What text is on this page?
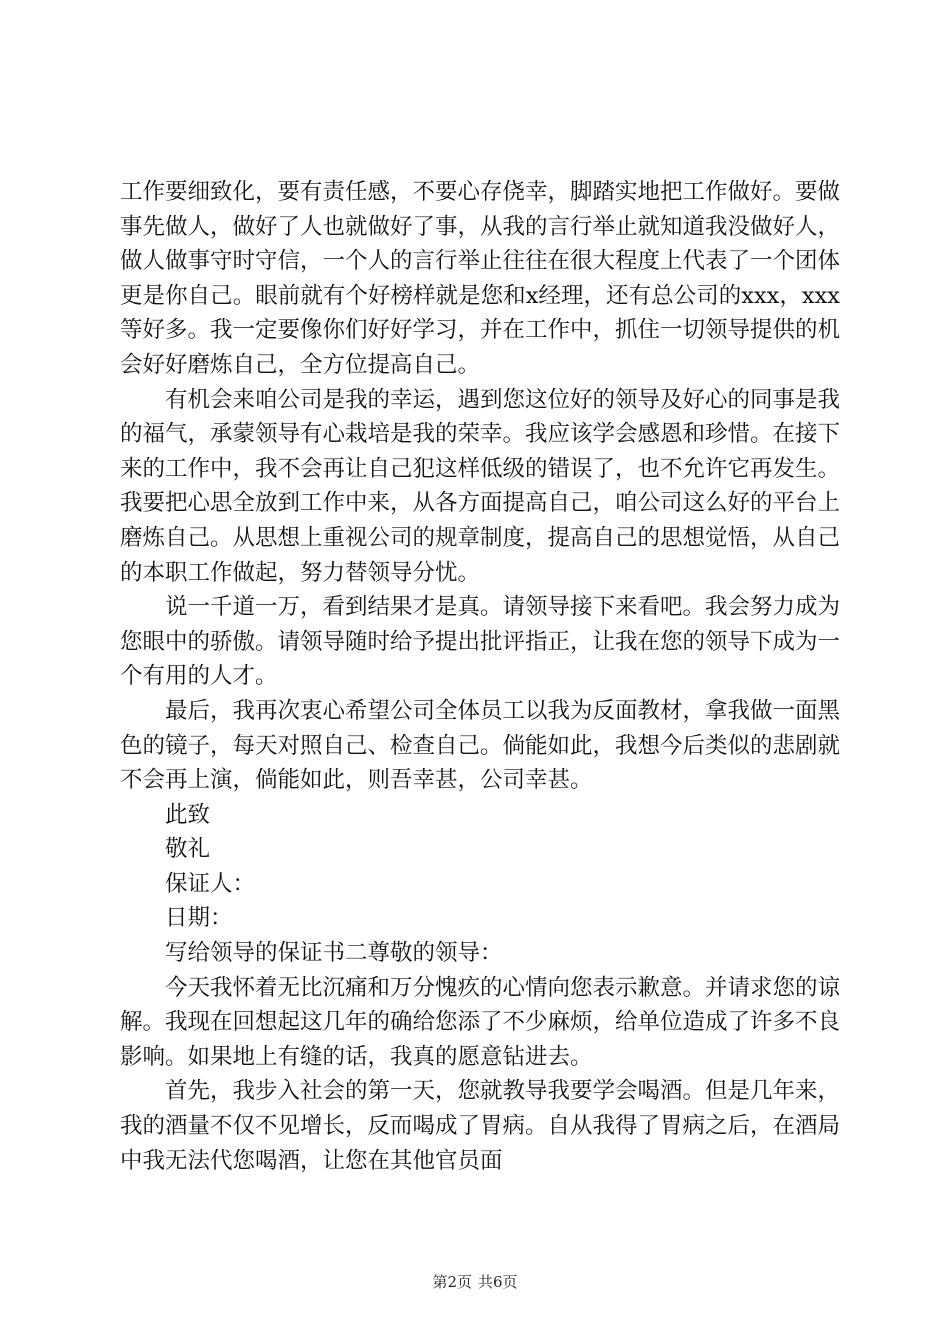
工作要细致化，要有责任感，不要心存侥幸，脚踏实地把工作做好。要做事先做人，做好了人也就做好了事，从我的言行举止就知道我没做好人，做人做事守时守信，一个人的言行举止往往在很大程度上代表了一个团体更是你自己。眼前就有个好榜样就是您和x经理，还有总公司的xxx，xxx等好多。我一定要像你们好好学习，并在工作中，抓住一切领导提供的机会好好磨炼自己，全方位提高自己。

有机会来咱公司是我的幸运，遇到您这位好的领导及好心的同事是我的福气，承蒙领导有心栽培是我的荣幸。我应该学会感恩和珍惜。在接下来的工作中，我不会再让自己犯这样低级的错误了，也不允许它再发生。我要把心思全放到工作中来，从各方面提高自己，咱公司这么好的平台上磨炼自己。从思想上重视公司的规章制度，提高自己的思想觉悟，从自己的本职工作做起，努力替领导分忧。

说一千道一万，看到结果才是真。请领导接下来看吧。我会努力成为您眼中的骄傲。请领导随时给予提出批评指正，让我在您的领导下成为一个有用的人才。

最后，我再次衷心希望公司全体员工以我为反面教材，拿我做一面黑色的镜子，每天对照自己、检查自己。倘能如此，我想今后类似的悲剧就不会再上演，倘能如此，则吾幸甚，公司幸甚。

此致

敬礼

保证人：

日期：

写给领导的保证书二尊敬的领导：

今天我怀着无比沉痛和万分愧疚的心情向您表示歉意。并请求您的谅解。我现在回想起这几年的确给您添了不少麻烦，给单位造成了许多不良影响。如果地上有缝的话，我真的愿意钻进去。

首先，我步入社会的第一天，您就教导我要学会喝酒。但是几年来，我的酒量不仅不见增长，反而喝成了胃病。自从我得了胃病之后，在酒局中我无法代您喝酒，让您在其他官员面

第2页 共6页
